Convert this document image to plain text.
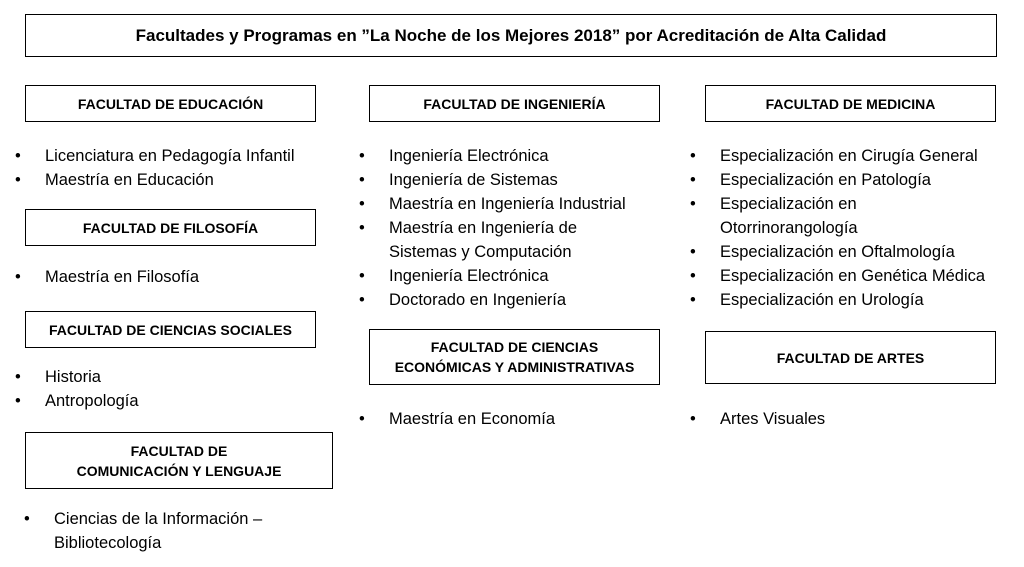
Facultades y Programas en ”La Noche de los Mejores 2018” por Acreditación de Alta Calidad
FACULTAD DE EDUCACIÓN
•	Licenciatura en Pedagogía Infantil
•	Maestría en Educación
FACULTAD DE FILOSOFÍA
•	Maestría en Filosofía
FACULTAD DE CIENCIAS SOCIALES
•	Historia
•	Antropología
FACULTAD DE
COMUNICACIÓN Y LENGUAJE
•	Ciencias de la Información – Bibliotecología
FACULTAD DE INGENIERÍA
•	Ingeniería Electrónica
•	Ingeniería de Sistemas
•	Maestría en Ingeniería Industrial
•	Maestría en Ingeniería de Sistemas y Computación
•	Ingeniería Electrónica
•	Doctorado en Ingeniería
FACULTAD DE CIENCIAS
ECONÓMICAS Y ADMINISTRATIVAS
•	Maestría en Economía
FACULTAD DE MEDICINA
•	Especialización en Cirugía General
•	Especialización en Patología
•	Especialización en Otorrinorangología
•	Especialización en Oftalmología
•	Especialización en Genética Médica
•	Especialización en Urología
FACULTAD DE ARTES
•	Artes Visuales
